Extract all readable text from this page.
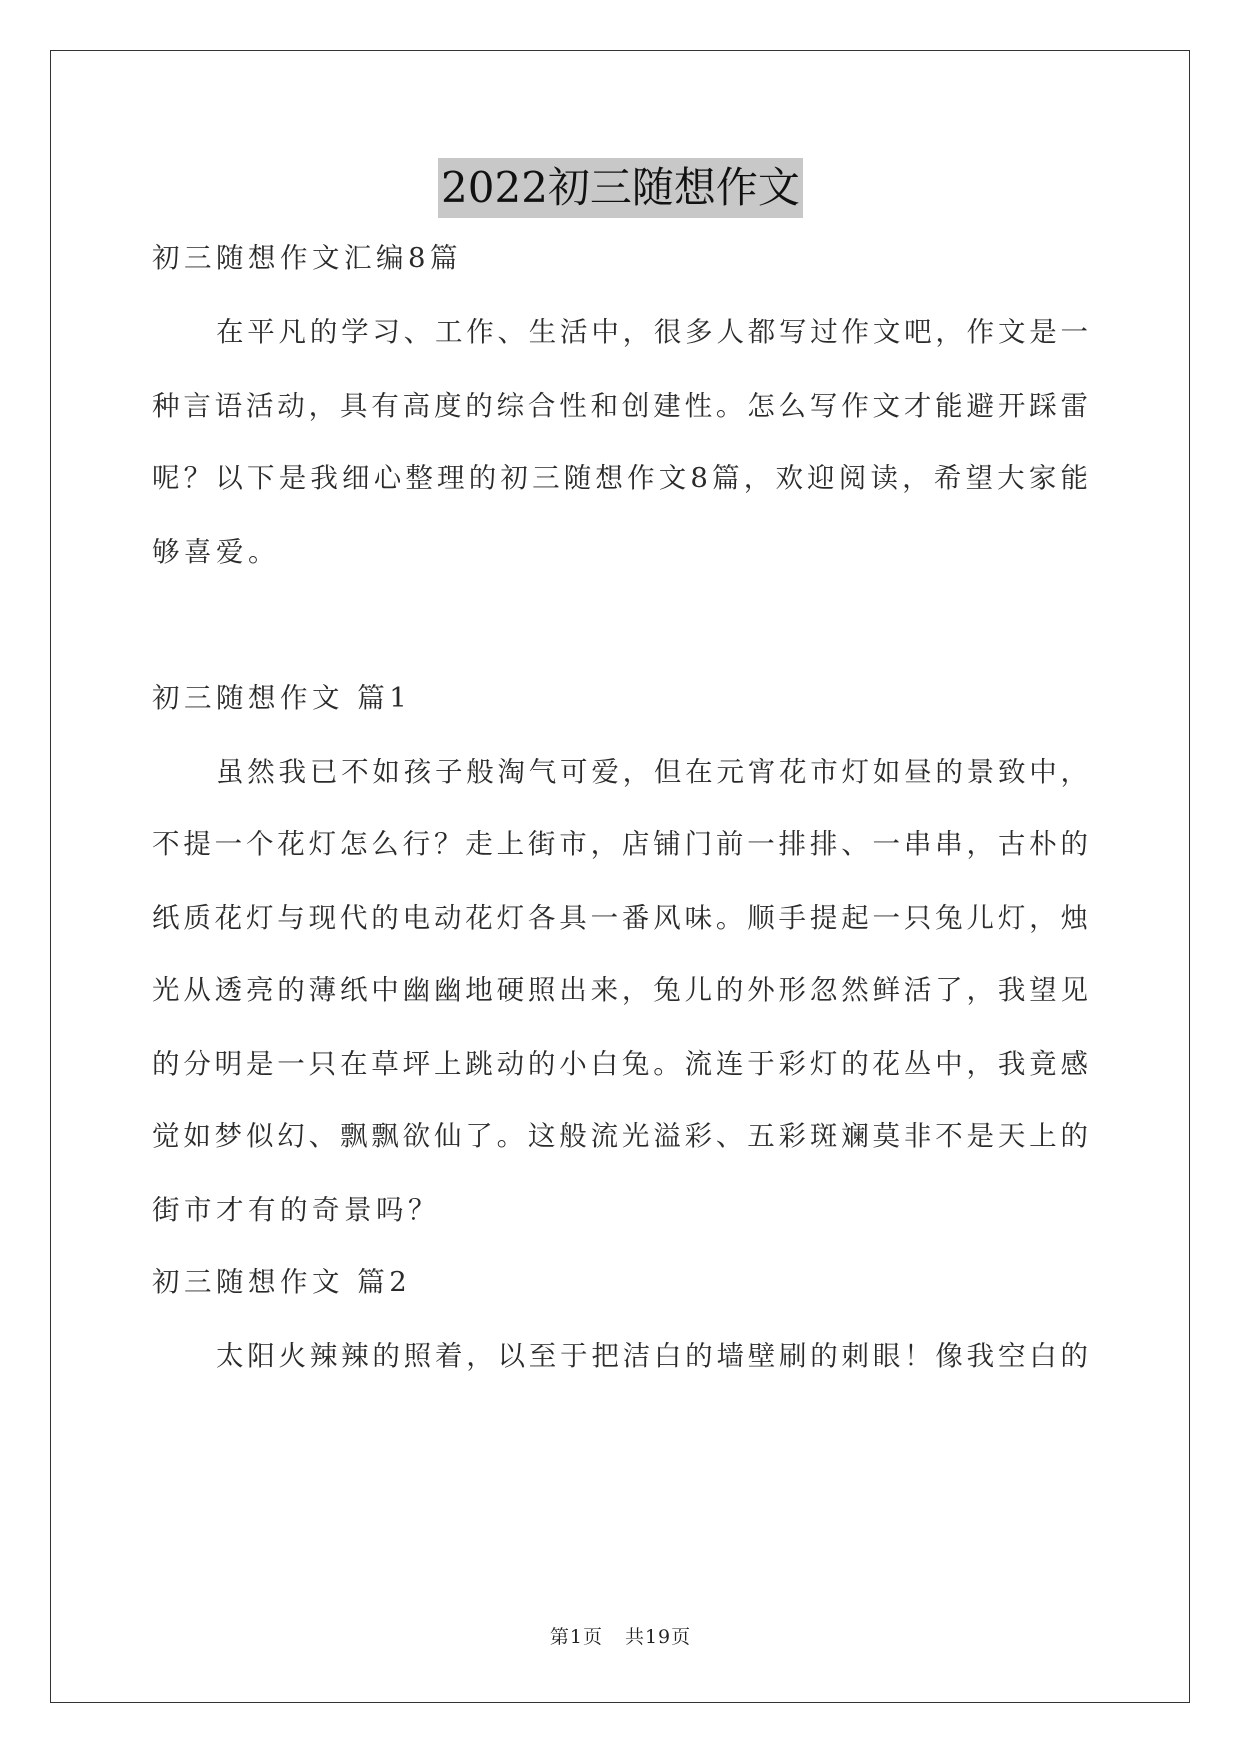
2022初三随想作文
初三随想作文汇编8篇
在平凡的学习、工作、生活中，很多人都写过作文吧，作文是一
种言语活动，具有高度的综合性和创建性。怎么写作文才能避开踩雷
呢？以下是我细心整理的初三随想作文8篇，欢迎阅读，希望大家能
够喜爱。
初三随想作文 篇1
虽然我已不如孩子般淘气可爱，但在元宵花市灯如昼的景致中，
不提一个花灯怎么行？走上街市，店铺门前一排排、一串串，古朴的
纸质花灯与现代的电动花灯各具一番风味。顺手提起一只兔儿灯，烛
光从透亮的薄纸中幽幽地硬照出来，兔儿的外形忽然鲜活了，我望见
的分明是一只在草坪上跳动的小白兔。流连于彩灯的花丛中，我竟感
觉如梦似幻、飘飘欲仙了。这般流光溢彩、五彩斑斓莫非不是天上的
街市才有的奇景吗？
初三随想作文 篇2
太阳火辣辣的照着，以至于把洁白的墙壁刷的刺眼！像我空白的
第1页 共19页
